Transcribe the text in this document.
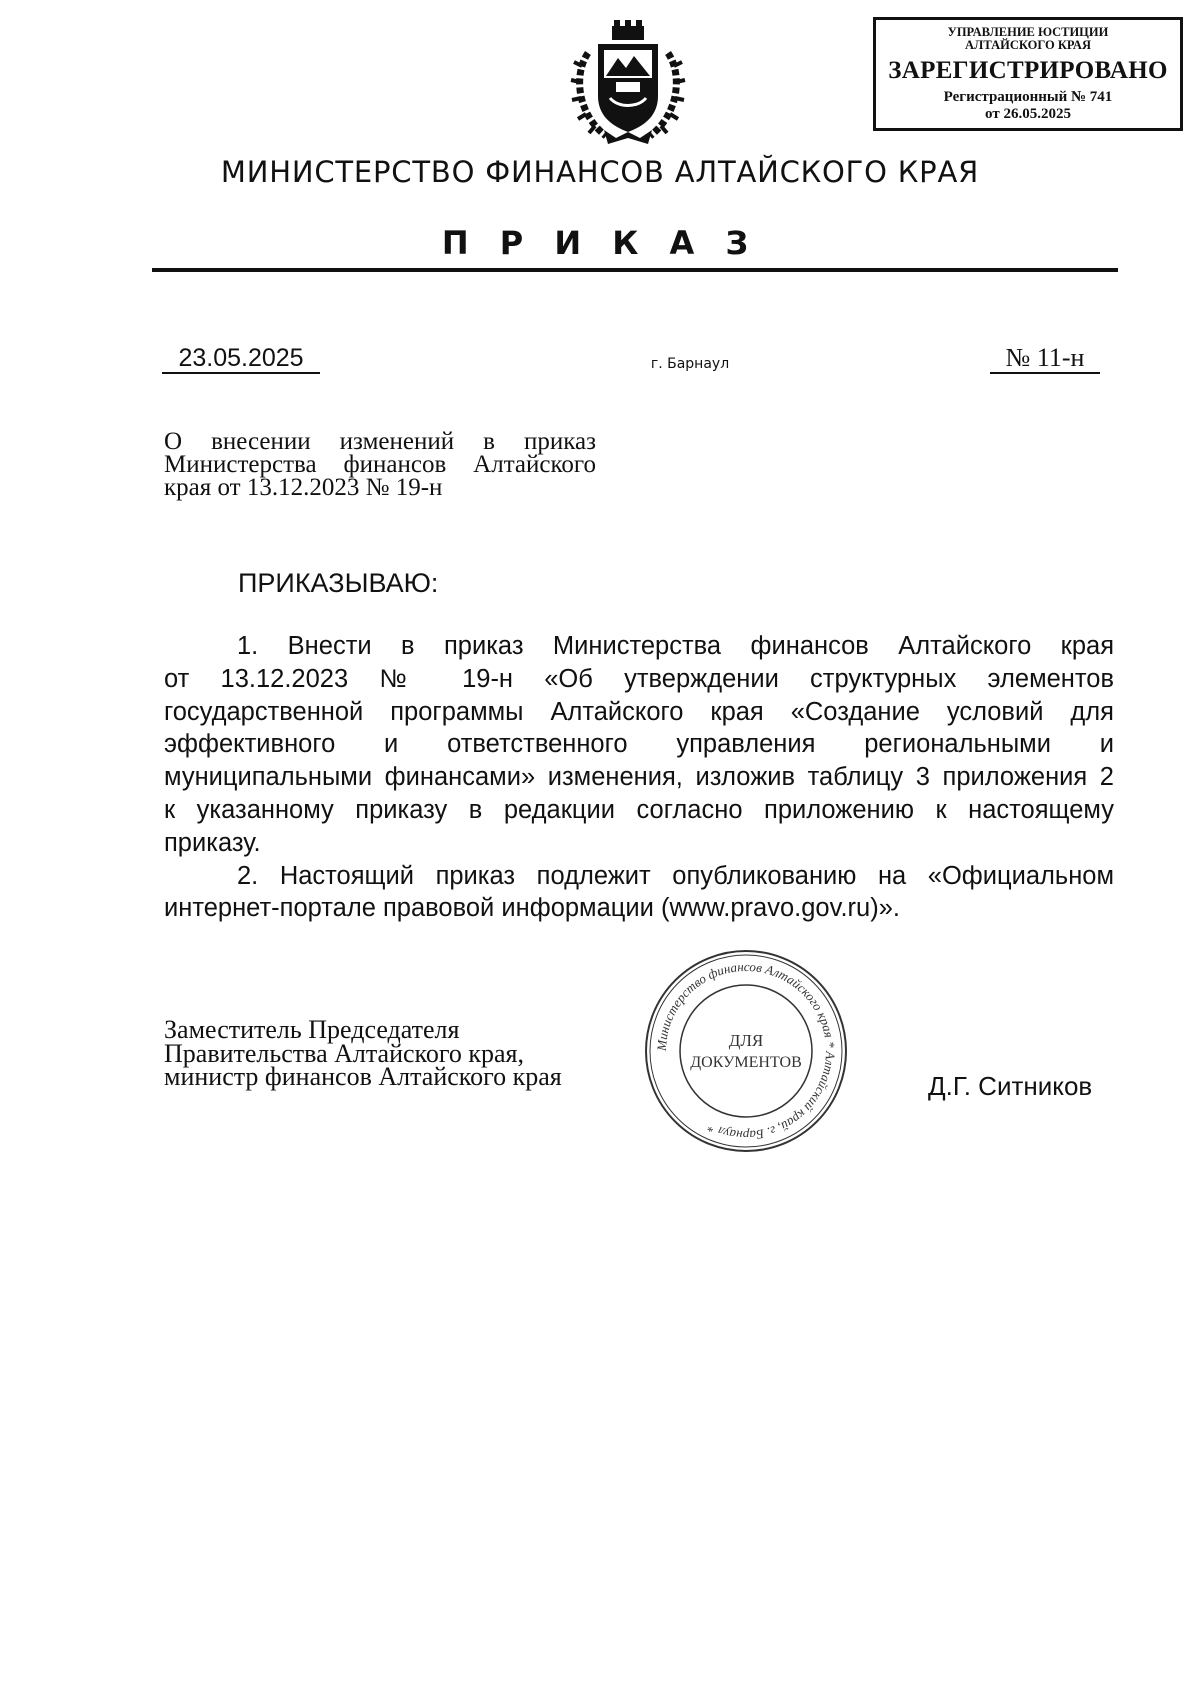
УПРАВЛЕНИЕ ЮСТИЦИИ
АЛТАЙСКОГО КРАЯ
ЗАРЕГИСТРИРОВАНО
Регистрационный № 741
от 26.05.2025
МИНИСТЕРСТВО ФИНАНСОВ АЛТАЙСКОГО КРАЯ
П Р И К А З
23.05.2025	г. Барнаул	№ 11-н
О внесении изменений в приказ
Министерства финансов Алтайского
края от 13.12.2023 № 19-н
ПРИКАЗЫВАЮ:
1. Внести в приказ Министерства финансов Алтайского края
от 13.12.2023 № 19-н «Об утверждении структурных элементов
государственной программы Алтайского края «Создание условий для
эффективного и ответственного управления региональными и
муниципальными финансами» изменения, изложив таблицу 3 приложения 2
к указанному приказу в редакции согласно приложению к настоящему
приказу.
2. Настоящий приказ подлежит опубликованию на «Официальном
интернет-портале правовой информации (www.pravo.gov.ru)».
Заместитель Председателя
Правительства Алтайского края,
министр финансов Алтайского края
Министерство финансов Алтайского края * Алтайский край, г. Барнаул *
ДЛЯ
ДОКУМЕНТОВ
Д.Г. Ситников
